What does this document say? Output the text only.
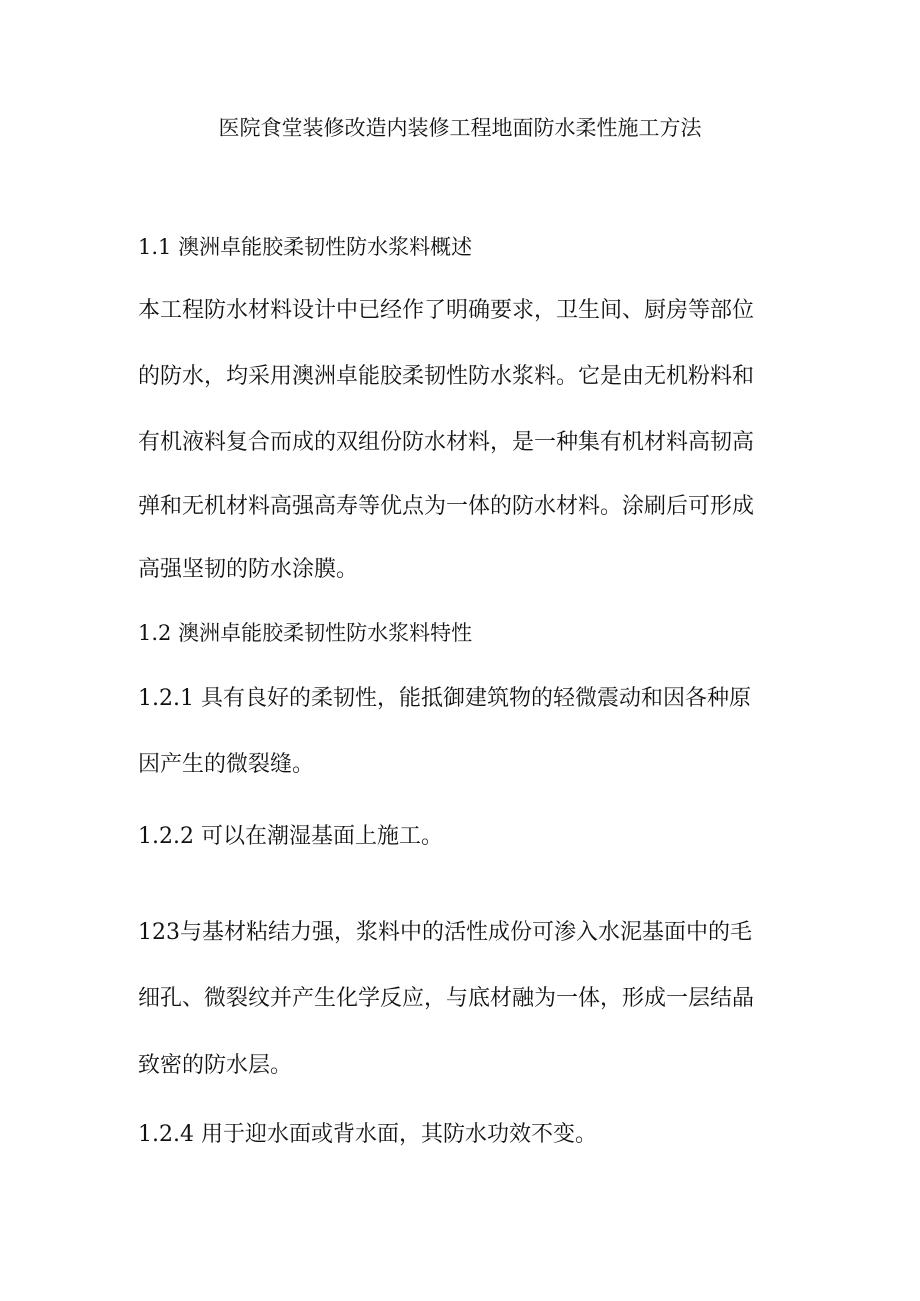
医院食堂装修改造内装修工程地面防水柔性施工方法
1.1 澳洲卓能胶柔韧性防水浆料概述
本工程防水材料设计中已经作了明确要求，卫生间、厨房等部位
的防水，均采用澳洲卓能胶柔韧性防水浆料。它是由无机粉料和
有机液料复合而成的双组份防水材料，是一种集有机材料高韧高
弹和无机材料高强高寿等优点为一体的防水材料。涂刷后可形成
高强坚韧的防水涂膜。
1.2 澳洲卓能胶柔韧性防水浆料特性
1.2.1 具有良好的柔韧性，能抵御建筑物的轻微震动和因各种原
因产生的微裂缝。
1.2.2 可以在潮湿基面上施工。
123与基材粘结力强，浆料中的活性成份可渗入水泥基面中的毛
细孔、微裂纹并产生化学反应，与底材融为一体，形成一层结晶
致密的防水层。
1.2.4 用于迎水面或背水面，其防水功效不变。
